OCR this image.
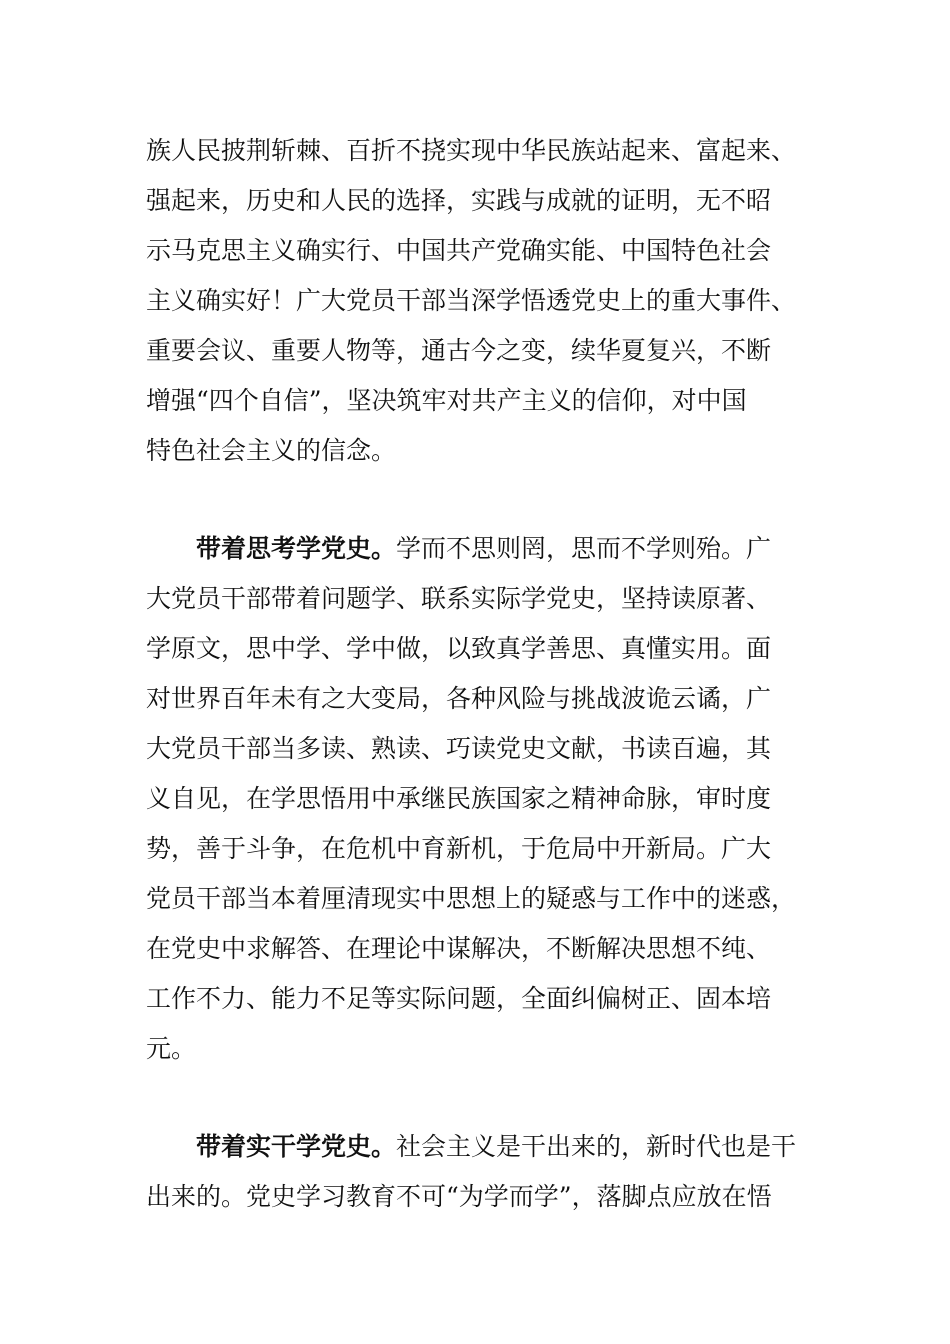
族人民披荆斩棘、百折不挠实现中华民族站起来、富起来、
强起来，历史和人民的选择，实践与成就的证明，无不昭
示马克思主义确实行、中国共产党确实能、中国特色社会
主义确实好！广大党员干部当深学悟透党史上的重大事件、
重要会议、重要人物等，通古今之变，续华夏复兴，不断
增强“四个自信”，坚决筑牢对共产主义的信仰，对中国
特色社会主义的信念。
带着思考学党史。学而不思则罔，思而不学则殆。广
大党员干部带着问题学、联系实际学党史，坚持读原著、
学原文，思中学、学中做，以致真学善思、真懂实用。面
对世界百年未有之大变局，各种风险与挑战波诡云谲，广
大党员干部当多读、熟读、巧读党史文献，书读百遍，其
义自见，在学思悟用中承继民族国家之精神命脉，审时度
势，善于斗争，在危机中育新机，于危局中开新局。广大
党员干部当本着厘清现实中思想上的疑惑与工作中的迷惑，
在党史中求解答、在理论中谋解决，不断解决思想不纯、
工作不力、能力不足等实际问题，全面纠偏树正、固本培
元。
带着实干学党史。社会主义是干出来的，新时代也是干
出来的。党史学习教育不可“为学而学”，落脚点应放在悟
